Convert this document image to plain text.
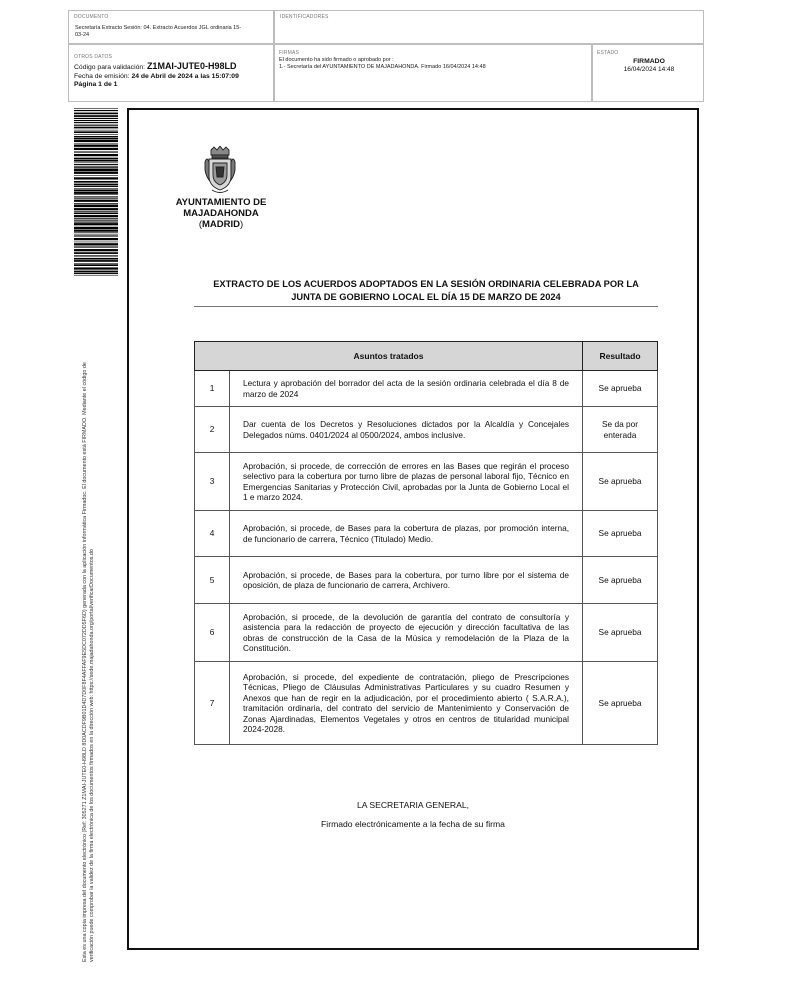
DOCUMENTO
Secretaría Extracto Sesión: 04. Extracto Acuerdos JGL ordinaria 15-03-24
IDENTIFICADORES
OTROS DATOS
Código para validación: Z1MAI-JUTE0-H98LD
Fecha de emisión: 24 de Abril de 2024 a las 15:07:09
Página 1 de 1
FIRMAS
El documento ha sido firmado o aprobado por :
1.- Secretaría del AYUNTAMIENTO DE MAJADAHONDA. Firmado 16/04/2024 14:48
ESTADO
FIRMADO
16/04/2024 14:48
Esta es una copia impresa del documento electrónico (Ref: 305271 Z1MAI-JUTE0-H98LD 8D0ACDF9B01D4D7D0F8F4AFFAF9E5DC072DD5F6D) generada con la aplicación informática Firmadoc. El documento está FIRMADO. Mediante el código de verificación puede comprobar la validez de la firma electrónica de los documentos firmados en la dirección web: https://sede.majadahonda.org/portal/verificarDocumentos.do
AYUNTAMIENTO DE
MAJADAHONDA
(MADRID)
EXTRACTO DE LOS ACUERDOS ADOPTADOS EN LA SESIÓN ORDINARIA CELEBRADA POR LA
JUNTA DE GOBIERNO LOCAL EL DÍA 15 DE MARZO DE 2024
Asuntos tratados		Resultado
1	Lectura y aprobación del borrador del acta de la sesión ordinaria celebrada el día 8 de marzo de 2024	Se aprueba

2	Dar cuenta de los Decretos y Resoluciones dictados por la Alcaldía y Concejales Delegados núms. 0401/2024 al 0500/2024, ambos inclusive.	Se da por
enterada

3	Aprobación, si procede, de corrección de errores en las Bases que regirán el proceso selectivo para la cobertura por turno libre de plazas de personal laboral fijo, Técnico en Emergencias Sanitarias y Protección Civil, aprobadas por la Junta de Gobierno Local el 1 e marzo 2024.	Se aprueba

4	Aprobación, si procede, de Bases para la cobertura de plazas, por promoción interna, de funcionario de carrera, Técnico (Titulado) Medio.	Se aprueba

5	Aprobación, si procede, de Bases para la cobertura, por turno libre por el sistema de oposición, de plaza de funcionario de carrera, Archivero.	Se aprueba

6	Aprobación, si procede, de la devolución de garantía del contrato de consultoría y asistencia para la redacción de proyecto de ejecución y dirección facultativa de las obras de construcción de la Casa de la Música y remodelación de la Plaza de la Constitución.	Se aprueba

7	Aprobación, si procede, del expediente de contratación, pliego de Prescripciones Técnicas, Pliego de Cláusulas Administrativas Particulares y su cuadro Resumen y Anexos que han de regir en la adjudicación, por el procedimiento abierto ( S.A.R.A.), tramitación ordinaria, del contrato del servicio de Mantenimiento y Conservación de Zonas Ajardinadas, Elementos Vegetales y otros en centros de titularidad municipal 2024-2028.	Se aprueba
LA SECRETARIA GENERAL,
Firmado electrónicamente a la fecha de su firma
